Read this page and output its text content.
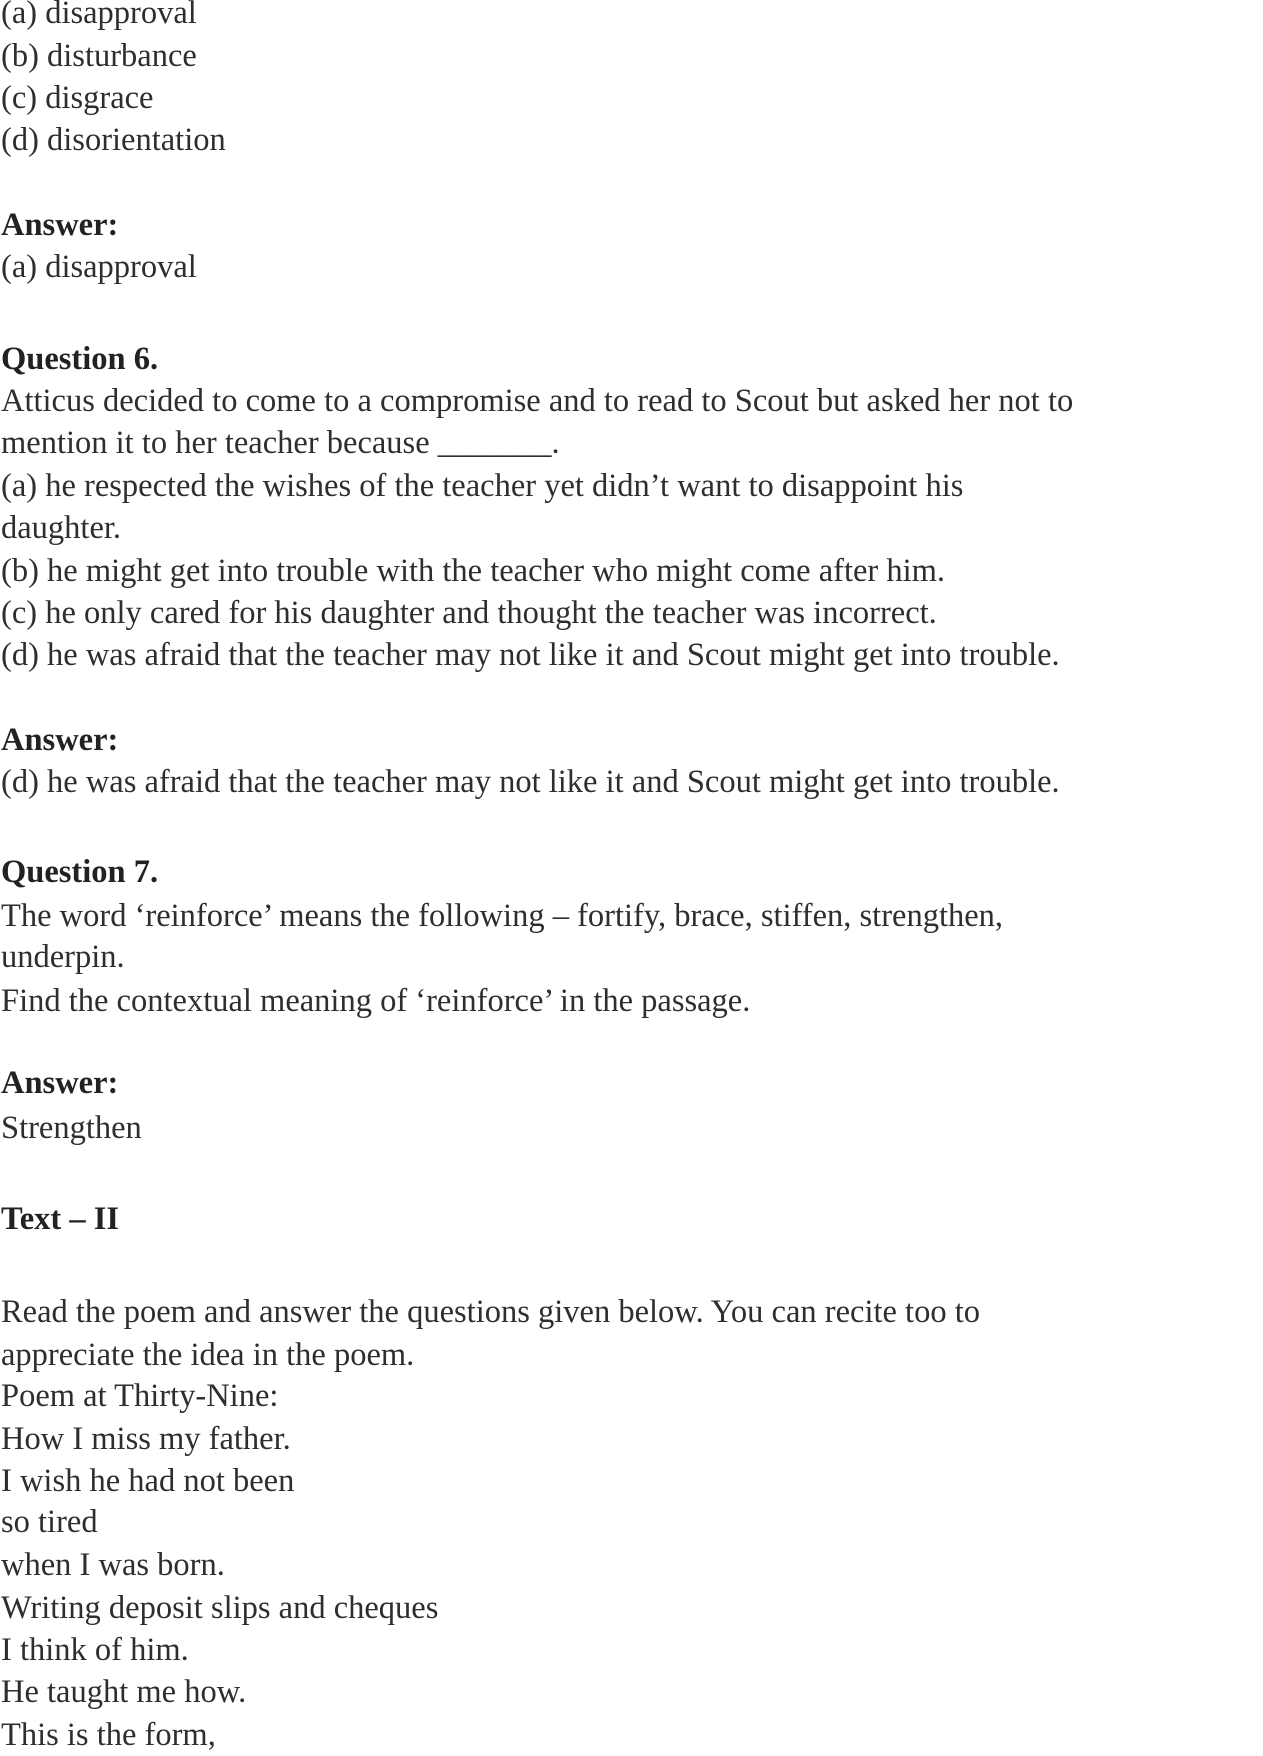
(a) disapproval
(b) disturbance
(c) disgrace
(d) disorientation
Answer:
(a) disapproval
Question 6.
Atticus decided to come to a compromise and to read to Scout but asked her not to
mention it to her teacher because _______.
(a) he respected the wishes of the teacher yet didn’t want to disappoint his
daughter.
(b) he might get into trouble with the teacher who might come after him.
(c) he only cared for his daughter and thought the teacher was incorrect.
(d) he was afraid that the teacher may not like it and Scout might get into trouble.
Answer:
(d) he was afraid that the teacher may not like it and Scout might get into trouble.
Question 7.
The word ‘reinforce’ means the following – fortify, brace, stiffen, strengthen,
underpin.
Find the contextual meaning of ‘reinforce’ in the passage.
Answer:
Strengthen
Text – II
Read the poem and answer the questions given below. You can recite too to
appreciate the idea in the poem.
Poem at Thirty-Nine:
How I miss my father.
I wish he had not been
so tired
when I was born.
Writing deposit slips and cheques
I think of him.
He taught me how.
This is the form,
